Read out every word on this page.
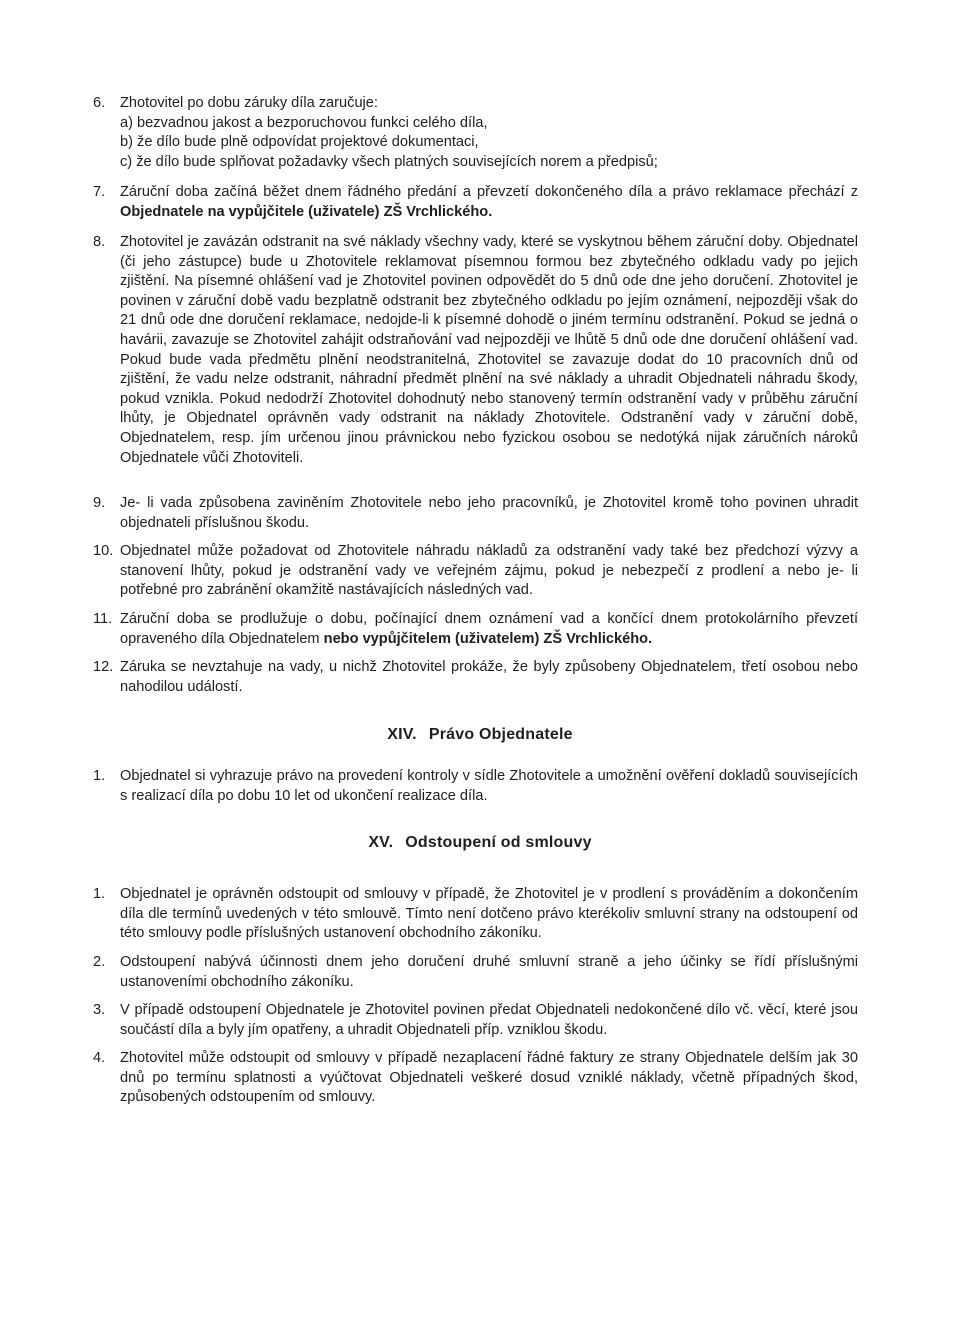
6. Zhotovitel po dobu záruky díla zaručuje:
a) bezvadnou jakost a bezporuchovou funkci celého díla,
b) že dílo bude plně odpovídat projektové dokumentaci,
c) že dílo bude splňovat požadavky všech platných souvisejících norem a předpisů;
7. Záruční doba začíná běžet dnem řádného předání a převzetí dokončeného díla a právo reklamace přechází z Objednatele na vypůjčitele (uživatele) ZŠ Vrchlického.
8. Zhotovitel je zavázán odstranit na své náklady všechny vady, které se vyskytnou během záruční doby. Objednatel (či jeho zástupce) bude u Zhotovitele reklamovat písemnou formou bez zbytečného odkladu vady po jejich zjištění. Na písemné ohlášení vad je Zhotovitel povinen odpovědět do 5 dnů ode dne jeho doručení. Zhotovitel je povinen v záruční době vadu bezplatně odstranit bez zbytečného odkladu po jejím oznámení, nejpozději však do 21 dnů ode dne doručení reklamace, nedojde-li k písemné dohodě o jiném termínu odstranění. Pokud se jedná o havárii, zavazuje se Zhotovitel zahájit odstraňování vad nejpozději ve lhůtě 5 dnů ode dne doručení ohlášení vad. Pokud bude vada předmětu plnění neodstranitelná, Zhotovitel se zavazuje dodat do 10 pracovních dnů od zjištění, že vadu nelze odstranit, náhradní předmět plnění na své náklady a uhradit Objednateli náhradu škody, pokud vznikla. Pokud nedodrží Zhotovitel dohodnutý nebo stanovený termín odstranění vady v průběhu záruční lhůty, je Objednatel oprávněn vady odstranit na náklady Zhotovitele. Odstranění vady v záruční době, Objednatelem, resp. jím určenou jinou právnickou nebo fyzickou osobou se nedotýká nijak záručních nároků Objednatele vůči Zhotoviteli.
9. Je- li vada způsobena zaviněním Zhotovitele nebo jeho pracovníků, je Zhotovitel kromě toho povinen uhradit objednateli příslušnou škodu.
10. Objednatel může požadovat od Zhotovitele náhradu nákladů za odstranění vady také bez předchozí výzvy a stanovení lhůty, pokud je odstranění vady ve veřejném zájmu, pokud je nebezpečí z prodlení a nebo je- li potřebné pro zabránění okamžitě nastávajících následných vad.
11. Záruční doba se prodlužuje o dobu, počínající dnem oznámení vad a končící dnem protokolárního převzetí opraveného díla Objednatelem nebo vypůjčitelem (uživatelem) ZŠ Vrchlického.
12. Záruka se nevztahuje na vady, u nichž Zhotovitel prokáže, že byly způsobeny Objednatelem, třetí osobou nebo nahodilou událostí.
XIV. Právo Objednatele
1. Objednatel si vyhrazuje právo na provedení kontroly v sídle Zhotovitele a umožnění ověření dokladů souvisejících s realizací díla po dobu 10 let od ukončení realizace díla.
XV. Odstoupení od smlouvy
1. Objednatel je oprávněn odstoupit od smlouvy v případě, že Zhotovitel je v prodlení s prováděním a dokončením díla dle termínů uvedených v této smlouvě. Tímto není dotčeno právo kterékoliv smluvní strany na odstoupení od této smlouvy podle příslušných ustanovení obchodního zákoníku.
2. Odstoupení nabývá účinnosti dnem jeho doručení druhé smluvní straně a jeho účinky se řídí příslušnými ustanoveními obchodního zákoníku.
3. V případě odstoupení Objednatele je Zhotovitel povinen předat Objednateli nedokončené dílo vč. věcí, které jsou součástí díla a byly jím opatřeny, a uhradit Objednateli příp. vzniklou škodu.
4. Zhotovitel může odstoupit od smlouvy v případě nezaplacení řádné faktury ze strany Objednatele delším jak 30 dnů po termínu splatnosti a vyúčtovat Objednateli veškeré dosud vzniklé náklady, včetně případných škod, způsobených odstoupením od smlouvy.
